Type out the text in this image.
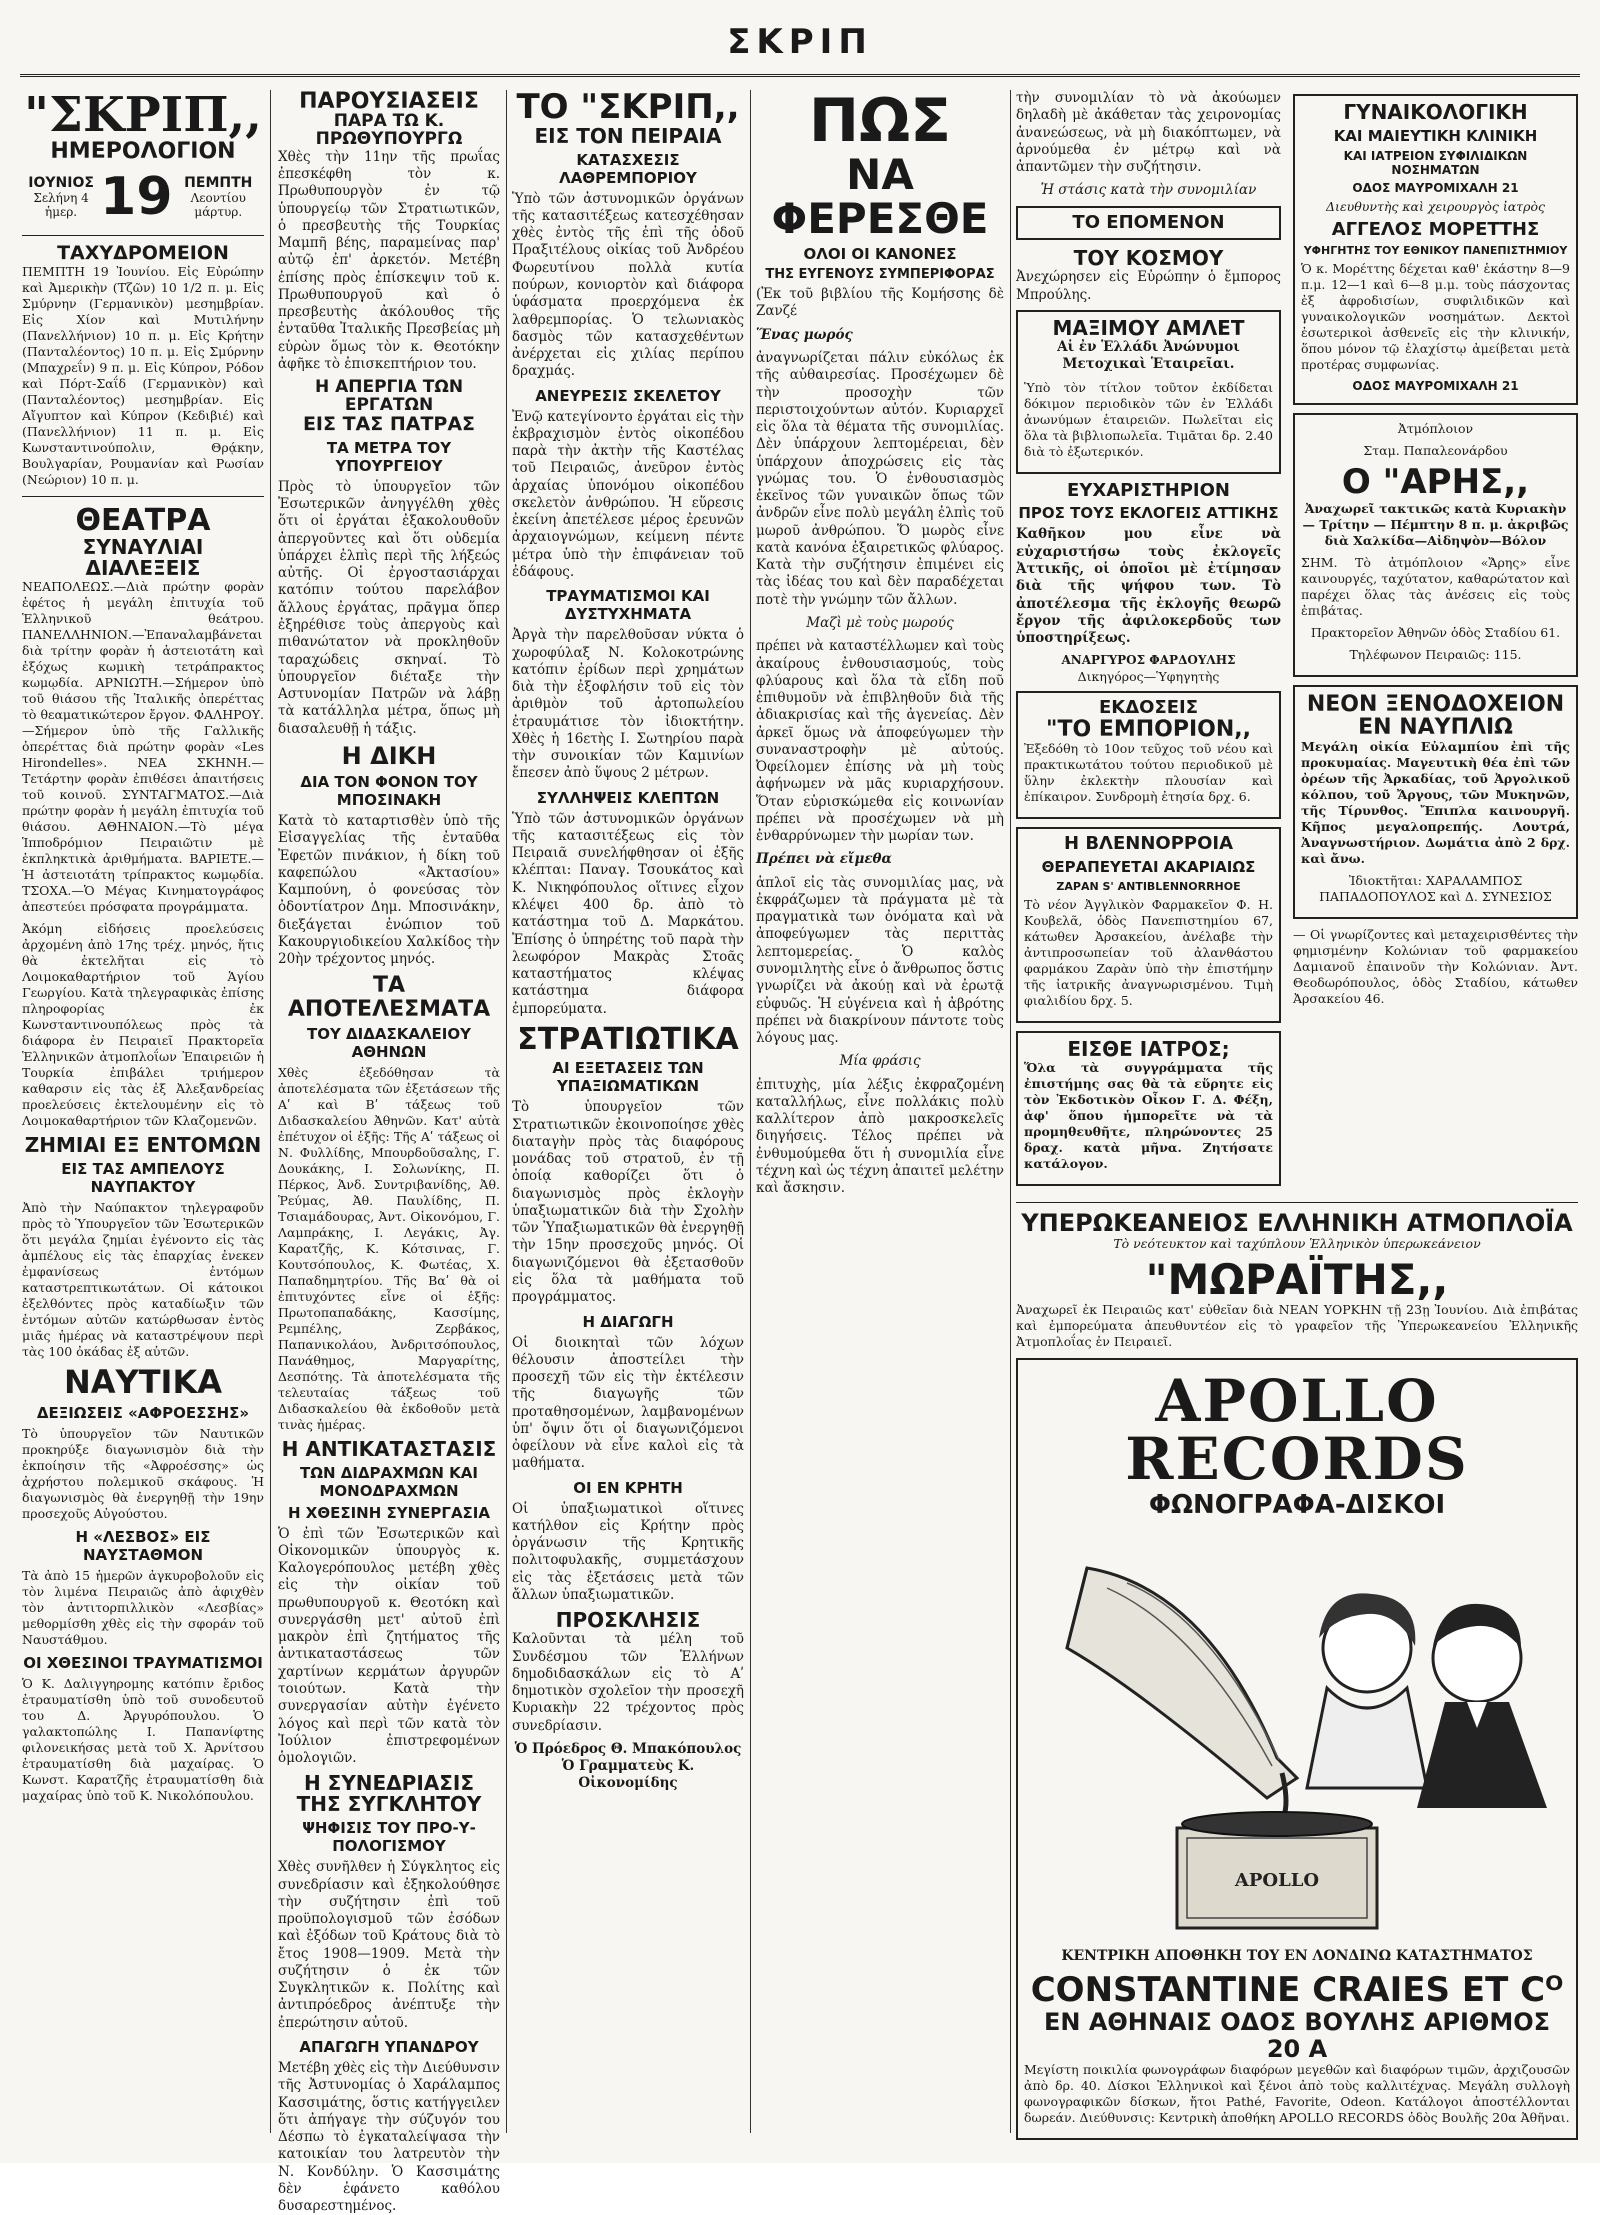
ΣΚΡΙΠ
"ΣΚΡΙΠ,,
ΗΜΕΡΟΛΟΓΙΟΝ
ΙΟΥΝΙΟΣ
Σελήνη 4 ἡμερ. 19 ΠΕΜΠΤΗ
Λεοντίου μάρτυρ.
ΤΑΧΥΔΡΟΜΕΙΟΝ

ΠΕΜΠΤΗ 19 Ἰουνίου. Εἰς Εὐρώπην καὶ Ἀμερικὴν (Τζῶν) 10 1/2 π. μ. Εἰς Σμύρνην (Γερμανικὸν) μεσημβρίαν. Εἰς Χίον καὶ Μυτιλήνην (Πανελλήνιον) 10 π. μ. Εἰς Κρήτην (Πανταλέοντος) 10 π. μ. Εἰς Σμύρνην (Μπαχρεΐν) 9 π. μ. Εἰς Κύπρον, Ρόδον καὶ Πόρτ-Σαΐδ (Γερμανικὸν) καὶ (Πανταλέοντος) μεσημβρίαν. Εἰς Αἴγυπτον καὶ Κύπρον (Κεδιβιέ) καὶ (Πανελλήνιον) 11 π. μ. Εἰς Κωνσταντινούπολιν, Θρᾴκην, Βουλγαρίαν, Ρουμανίαν καὶ Ρωσίαν (Νεώριον) 10 π. μ.

ΘΕΑΤΡΑ
ΣΥΝΑΥΛΙΑΙ ΔΙΑΛΕΞΕΙΣ

ΝΕΑΠΟΛΕΩΣ.—Διὰ πρώτην φορὰν ἐφέτος ἡ μεγάλη ἐπιτυχία τοῦ Ἑλληνικοῦ θεάτρου. ΠΑΝΕΛΛΗΝΙΟΝ.—Ἐπαναλαμβάνεται διὰ τρίτην φορὰν ἡ ἀστειοτάτη καὶ ἐξόχως κωμικὴ τετράπρακτος κωμῳδία. ΑΡΝΙΩΤΗ.—Σήμερον ὑπὸ τοῦ θιάσου τῆς Ἰταλικῆς ὀπερέττας τὸ θεαματικώτερον ἔργον. ΦΑΛΗΡΟΥ.—Σήμερον ὑπὸ τῆς Γαλλικῆς ὀπερέττας διὰ πρώτην φορὰν «Les Hirondelles». ΝΕΑ ΣΚΗΝΗ.—Τετάρτην φορὰν ἐπιθέσει ἀπαιτήσεις τοῦ κοινοῦ. ΣΥΝΤΑΓΜΑΤΟΣ.—Διὰ πρώτην φορὰν ἡ μεγάλη ἐπιτυχία τοῦ θιάσου. ΑΘΗΝΑΙΟΝ.—Τὸ μέγα Ἱπποδρόμιον Πειραιῶτιν μὲ ἐκπληκτικὰ ἀριθμήματα. ΒΑΡΙΕΤΕ.—Ἡ ἀστειοτάτη τρίπρακτος κωμῳδία. ΤΣΟΧΑ.—Ὁ Μέγας Κινηματογράφος ἀπεστεύει πρόσφατα προγράμματα.

Ἀκόμη εἰδήσεις προελεύσεις ἀρχομένη ἀπὸ 17ης τρέχ. μηνός, ἥτις θὰ ἐκτελῆται εἰς τὸ Λοιμοκαθαρτήριον τοῦ Ἁγίου Γεωργίου. Κατὰ τηλεγραφικὰς ἐπίσης πληροφορίας ἐκ Κωνσταντινουπόλεως πρὸς τὰ διάφορα ἐν Πειραιεῖ Πρακτορεῖα Ἑλληνικῶν ἀτμοπλοΐων Ἐπαιρειῶν ἡ Τουρκία ἐπιβάλει τριήμερον καθαρσιν εἰς τὰς ἐξ Ἀλεξανδρείας προελεύσεις ἐκτελουμένην εἰς τὸ Λοιμοκαθαρτήριον τῶν Κλαζομενῶν.

ΖΗΜΙΑΙ ΕΞ ΕΝΤΟΜΩΝ
ΕΙΣ ΤΑΣ ΑΜΠΕΛΟΥΣ ΝΑΥΠΑΚΤΟΥ

Ἀπὸ τὴν Ναύπακτον τηλεγραφοῦν πρὸς τὸ Ὑπουργεῖον τῶν Ἐσωτερικῶν ὅτι μεγάλα ζημίαι ἐγένοντο εἰς τὰς ἀμπέλους εἰς τὰς ἐπαρχίας ἐνεκεν ἐμφανίσεως ἐντόμων καταστρεπτικωτάτων. Οἱ κάτοικοι ἐξελθόντες πρὸς καταδίωξιν τῶν ἐντόμων αὐτῶν κατώρθωσαν ἐντὸς μιᾶς ἡμέρας νὰ καταστρέψουν περὶ τὰς 100 ὀκάδας ἐξ αὐτῶν.

ΝΑΥΤΙΚΑ
ΔΕΞΙΩΣΕΙΣ «ΑΦΡΟΕΣΣΗΣ»

Τὸ ὑπουργεῖον τῶν Ναυτικῶν προκηρύξε διαγωνισμὸν διὰ τὴν ἐκποίησιν τῆς «Ἀφροέσσης» ὡς ἀχρήστου πολεμικοῦ σκάφους. Ἡ διαγωνισμὸς θὰ ἐνεργηθῇ τὴν 19ην προσεχοῦς Αὐγούστου.

Η «ΛΕΣΒΟΣ» ΕΙΣ ΝΑΥΣΤΑΘΜΟΝ

Τὰ ἀπὸ 15 ἡμερῶν ἀγκυροβολοῦν εἰς τὸν λιμένα Πειραιῶς ἀπὸ ἀφιχθὲν τὸν ἀντιτορπιλλικὸν «Λεσβίας» μεθορμίσθη χθὲς εἰς τὴν σφοράν τοῦ Ναυστάθμου.

ΟΙ ΧΘΕΣΙΝΟΙ ΤΡΑΥΜΑΤΙΣΜΟΙ

Ὁ Κ. Δαλιγγηρομης κατόπιν ἔριδος ἐτραυματίσθη ὑπὸ τοῦ συνοδευτοῦ του Δ. Ἀργυρόπουλου. Ὁ γαλακτοπώλης Ι. Παπανίφτης φιλονεικήσας μετὰ τοῦ Χ. Ἀρνίτσου ἐτραυματίσθη διὰ μαχαίρας. Ὁ Κωνστ. Καρατζῆς ἐτραυματίσθη διὰ μαχαίρας ὑπὸ τοῦ Κ. Νικολόπουλου.

ΠΑΡΟΥΣΙΑΣΕΙΣ
ΠΑΡΑ ΤΩ Κ. ΠΡΩΘΥΠΟΥΡΓΩ

Χθὲς τὴν 11ην τῆς πρωΐας ἐπεσκέφθη τὸν κ. Πρωθυπουργὸν ἐν τῷ ὑπουργείῳ τῶν Στρατιωτικῶν, ὁ πρεσβευτὴς τῆς Τουρκίας Μαμπῆ βέης, παραμείνας παρ' αὐτῷ ἐπ' ἀρκετόν. Μετέβη ἐπίσης πρὸς ἐπίσκεψιν τοῦ κ. Πρωθυπουργοῦ καὶ ὁ πρεσβευτὴς ἀκόλουθος τῆς ἐνταῦθα Ἰταλικῆς Πρεσβείας μὴ εὑρὼν ὅμως τὸν κ. Θεοτόκην ἀφῆκε τὸ ἐπισκεπτήριον του.

Η ΑΠΕΡΓΙΑ ΤΩΝ ΕΡΓΑΤΩΝ
ΕΙΣ ΤΑΣ ΠΑΤΡΑΣ
ΤΑ ΜΕΤΡΑ ΤΟΥ ΥΠΟΥΡΓΕΙΟΥ

Πρὸς τὸ ὑπουργεῖον τῶν Ἐσωτερικῶν ἀνηγγέλθη χθὲς ὅτι οἱ ἐργάται ἐξακολουθοῦν ἀπεργοῦντες καὶ ὅτι οὐδεμία ὑπάρχει ἐλπὶς περὶ τῆς λήξεώς αὐτῆς. Οἱ ἐργοστασιάρχαι κατόπιν τούτου παρελάβον ἄλλους ἐργάτας, πρᾶγμα ὅπερ ἐξηρέθισε τοὺς ἀπεργοὺς καὶ πιθανώτατον νὰ προκληθοῦν ταραχώδεις σκηναί. Τὸ ὑπουργεῖον διέταξε τὴν Αστυνομίαν Πατρῶν νὰ λάβῃ τὰ κατάλληλα μέτρα, ὅπως μὴ διασαλευθῇ ἡ τάξις.

Η ΔΙΚΗ
ΔΙΑ ΤΟΝ ΦΟΝΟΝ ΤΟΥ ΜΠΟΣΙΝΑΚΗ

Κατὰ τὸ καταρτισθὲν ὑπὸ τῆς Εἰσαγγελίας τῆς ἐνταῦθα Ἐφετῶν πινάκιον, ἡ δίκη τοῦ καφεπώλου «Ἀκτασίου» Καμπούνη, ὁ φονεύσας τὸν ὀδοντίατρον Δημ. Μποσινάκην, διεξάγεται ἐνώπιον τοῦ Κακουργιοδικείου Χαλκίδος τὴν 20ὴν τρέχοντος μηνός.

ΤΑ ΑΠΟΤΕΛΕΣΜΑΤΑ
ΤΟΥ ΔΙΔΑΣΚΑΛΕΙΟΥ ΑΘΗΝΩΝ

Χθὲς ἐξεδόθησαν τὰ ἀποτελέσματα τῶν ἐξετάσεων τῆς Αʹ καὶ Βʹ τάξεως τοῦ Διδασκαλείου Ἀθηνῶν. Κατ' αὐτὰ ἐπέτυχον οἱ ἑξῆς: Τῆς Αʹ τάξεως οἱ Ν. Φυλλίδης, Μπουρδοῦσαλης, Γ. Δουκάκης, Ι. Σολωνίκης, Π. Πέρκος, Ἀνδ. Συντριβανίδης, Ἀθ. Ῥεύμας, Ἀθ. Παυλίδης, Π. Τσιαμάδουρας, Ἀντ. Οἰκονόμου, Γ. Λαμπράκης, Ι. Λεγάκις, Ἀγ. Καρατζῆς, Κ. Κότσινας, Γ. Κουτσόπουλος, Κ. Φωτέας, Χ. Παπαδημητρίου. Τῆς Βαʹ θὰ οἱ ἐπιτυχόντες εἶνε οἱ ἑξῆς: Πρωτοπαπαδάκης, Κασσίμης, Ρεμπέλης, Ζερβάκος, Παπανικολάου, Ἀνδριτσόπουλος, Πανάθημος, Μαργαρίτης, Δεσπότης. Τὰ ἀποτελέσματα τῆς τελευταίας τάξεως τοῦ Διδασκαλείου θὰ ἐκδοθοῦν μετὰ τινὰς ἡμέρας.

Η ΑΝΤΙΚΑΤΑΣΤΑΣΙΣ
ΤΩΝ ΔΙΔΡΑΧΜΩΝ ΚΑΙ ΜΟΝΟΔΡΑΧΜΩΝ
Η ΧΘΕΣΙΝΗ ΣΥΝΕΡΓΑΣΙΑ

Ὁ ἐπὶ τῶν Ἐσωτερικῶν καὶ Οἰκονομικῶν ὑπουργὸς κ. Καλογερόπουλος μετέβη χθὲς εἰς τὴν οἰκίαν τοῦ πρωθυπουργοῦ κ. Θεοτόκη καὶ συνεργάσθη μετ' αὐτοῦ ἐπὶ μακρὸν ἐπὶ ζητήματος τῆς ἀντικαταστάσεως τῶν χαρτίνων κερμάτων ἀργυρῶν τοιούτων. Κατὰ τὴν συνεργασίαν αὐτὴν ἐγένετο λόγος καὶ περὶ τῶν κατὰ τὸν Ἰούλιον ἐπιστρεφομένων ὁμολογιῶν.

Η ΣΥΝΕΔΡΙΑΣΙΣ
ΤΗΣ ΣΥΓΚΛΗΤΟΥ
ΨΗΦΙΣΙΣ ΤΟΥ ΠΡΟ-Υ-ΠΟΛΟΓΙΣΜΟΥ

Χθὲς συνῆλθεν ἡ Σύγκλητος εἰς συνεδρίασιν καὶ ἐξηκολούθησε τὴν συζήτησιν ἐπὶ τοῦ προϋπολογισμοῦ τῶν ἐσόδων καὶ ἐξόδων τοῦ Κράτους διὰ τὸ ἔτος 1908—1909. Μετὰ τὴν συζήτησιν ὁ ἐκ τῶν Συγκλητικῶν κ. Πολίτης καὶ ἀντιπρόεδρος ἀνέπτυξε τὴν ἐπερώτησιν αὐτοῦ.

ΑΠΑΓΩΓΗ ΥΠΑΝΔΡΟΥ

Μετέβη χθὲς εἰς τὴν Διεύθυνσιν τῆς Ἀστυνομίας ὁ Χαράλαμπος Κασσιμάτης, ὅστις κατήγγειλεν ὅτι ἀπήγαγε τὴν σύζυγόν του Δέσπω τὸ ἐγκαταλείψασα τὴν κατοικίαν του λατρευτὸν τὴν Ν. Κονδύλην. Ὁ Κασσιμάτης δὲν ἐφάνετο καθόλου δυσαρεστημένος.

ΤΟ "ΣΚΡΙΠ,,
ΕΙΣ ΤΟΝ ΠΕΙΡΑΙΑ
ΚΑΤΑΣΧΕΣΙΣ ΛΑΘΡΕΜΠΟΡΙΟΥ

Ὑπὸ τῶν ἀστυνομικῶν ὀργάνων τῆς κατασιτέξεως κατεσχέθησαν χθὲς ἐντὸς τῆς ἐπὶ τῆς ὁδοῦ Πραξιτέλους οἰκίας τοῦ Ἀνδρέου Φωρευτίνου πολλὰ κυτία πούρων, κονιορτὸν καὶ διάφορα ὑφάσματα προερχόμενα ἐκ λαθρεμπορίας. Ὁ τελωνιακὸς δασμὸς τῶν κατασχεθέντων ἀνέρχεται εἰς χιλίας περίπου δραχμάς.

ΑΝΕΥΡΕΣΙΣ ΣΚΕΛΕΤΟΥ

Ἐνῷ κατεγίνοντο ἐργάται εἰς τὴν ἐκβραχισμὸν ἐντὸς οἰκοπέδου παρὰ τὴν ἀκτὴν τῆς Καστέλας τοῦ Πειραιῶς, ἀνεῦρον ἐντὸς ἀρχαίας ὑπονόμου οἰκοπέδου σκελετὸν ἀνθρώπου. Ἡ εὕρεσις ἐκείνη ἀπετέλεσε μέρος ἐρευνῶν ἀρχαιογνώμων, κείμενη πέντε μέτρα ὑπὸ τὴν ἐπιφάνειαν τοῦ ἐδάφους.

ΤΡΑΥΜΑΤΙΣΜΟΙ ΚΑΙ ΔΥΣΤΥΧΗΜΑΤΑ

Ἀργὰ τὴν παρελθοῦσαν νύκτα ὁ χωροφύλαξ Ν. Κολοκοτρώνης κατόπιν ἐρίδων περὶ χρημάτων διὰ τὴν ἐξοφλήσιν τοῦ εἰς τὸν ἀριθμὸν τοῦ ἀρτοπωλείου ἐτραυμάτισε τὸν ἰδιοκτήτην. Χθὲς ἡ 16ετὴς Ι. Σωτηρίου παρὰ τὴν συνοικίαν τῶν Καμινίων ἔπεσεν ἀπὸ ὕψους 2 μέτρων.

ΣΥΛΛΗΨΕΙΣ ΚΛΕΠΤΩΝ

Ὑπὸ τῶν ἀστυνομικῶν ὀργάνων τῆς κατασιτέξεως εἰς τὸν Πειραιᾶ συνελήφθησαν οἱ ἐξῆς κλέπται: Παναγ. Τσουκάτος καὶ Κ. Νικηφόπουλος οἵτινες εἶχον κλέψει 400 δρ. ἀπὸ τὸ κατάστημα τοῦ Δ. Μαρκάτου. Ἐπίσης ὁ ὑπηρέτης τοῦ παρὰ τὴν λεωφόρον Μακρὰς Στοᾶς καταστήματος κλέψας κατάστημα διάφορα ἐμπορεύματα.

ΣΤΡΑΤΙΩΤΙΚΑ
ΑΙ ΕΞΕΤΑΣΕΙΣ ΤΩΝ ΥΠΑΞΙΩΜΑΤΙΚΩΝ

Τὸ ὑπουργεῖον τῶν Στρατιωτικῶν ἐκοινοποίησε χθὲς διαταγὴν πρὸς τὰς διαφόρους μονάδας τοῦ στρατοῦ, ἐν τῇ ὁποίᾳ καθορίζει ὅτι ὁ διαγωνισμὸς πρὸς ἐκλογὴν ὑπαξιωματικῶν διὰ τὴν Σχολὴν τῶν Ὑπαξιωματικῶν θὰ ἐνεργηθῇ τὴν 15ην προσεχοῦς μηνός. Οἱ διαγωνιζόμενοι θὰ ἐξετασθοῦν εἰς ὅλα τὰ μαθήματα τοῦ προγράμματος.

Η ΔΙΑΓΩΓΗ

Οἱ διοικηταὶ τῶν λόχων θέλουσιν ἀποστείλει τὴν προσεχῆ τῶν εἰς τὴν ἐκτέλεσιν τῆς διαγωγῆς τῶν προταθησομένων, λαμβανομένων ὑπ' ὄψιν ὅτι οἱ διαγωνιζόμενοι ὀφείλουν νὰ εἶνε καλοὶ εἰς τὰ μαθήματα.

ΟΙ ΕΝ ΚΡΗΤΗ

Οἱ ὑπαξιωματικοὶ οἵτινες κατήλθον εἰς Κρήτην πρὸς ὀργάνωσιν τῆς Κρητικῆς πολιτοφυλακῆς, συμμετάσχουν εἰς τὰς ἐξετάσεις μετὰ τῶν ἄλλων ὑπαξιωματικῶν.

ΠΡΟΣΚΛΗΣΙΣ

Καλοῦνται τὰ μέλη τοῦ Συνδέσμου τῶν Ἑλλήνων δημοδιδασκάλων εἰς τὸ Αʹ δημοτικὸν σχολεῖον τὴν προσεχῆ Κυριακὴν 22 τρέχοντος πρὸς συνεδρίασιν.

Ὁ Πρόεδρος Θ. Μπακόπουλος Ὁ Γραμματεὺς Κ. Οἰκονομίδης

ΠΩΣ
ΝΑ ΦΕΡΕΣΘΕ
ΟΛΟΙ ΟΙ ΚΑΝΟΝΕΣ
ΤΗΣ ΕΥΓΕΝΟΥΣ ΣΥΜΠΕΡΙΦΟΡΑΣ

(Ἐκ τοῦ βιβλίου τῆς Κομήσσης δὲ Ζανζέ

Ἕνας μωρός

ἀναγνωρίζεται πάλιν εὐκόλως ἐκ τῆς αὐθαιρεσίας. Προσέχωμεν δὲ τὴν προσοχὴν τῶν περιστοιχούντων αὐτόν. Κυριαρχεῖ εἰς ὅλα τὰ θέματα τῆς συνομιλίας. Δὲν ὑπάρχουν λεπτομέρειαι, δὲν ὑπάρχουν ἀποχρώσεις εἰς τὰς γνώμας του. Ὁ ἐνθουσιασμὸς ἐκεῖνος τῶν γυναικῶν ὅπως τῶν ἀνδρῶν εἶνε πολὺ μεγάλη ἐλπὶς τοῦ μωροῦ ἀνθρώπου. Ὅ μωρὸς εἶνε κατὰ κανόνα ἐξαιρετικῶς φλύαρος. Κατὰ τὴν συζήτησιν ἐπιμένει εἰς τὰς ἰδέας του καὶ δὲν παραδέχεται ποτὲ τὴν γνώμην τῶν ἄλλων.

Μαζὶ μὲ τοὺς μωρούς

πρέπει νὰ καταστέλλωμεν καὶ τοὺς ἀκαίρους ἐνθουσιασμούς, τοὺς φλύαρους καὶ ὅλα τὰ εἴδη ποῦ ἐπιθυμοῦν νὰ ἐπιβληθοῦν διὰ τῆς ἀδιακρισίας καὶ τῆς ἀγενείας. Δὲν ἀρκεῖ ὅμως νὰ ἀποφεύγωμεν τὴν συναναστροφὴν μὲ αὐτούς. Ὀφείλομεν ἐπίσης νὰ μὴ τοὺς ἀφήνωμεν νὰ μᾶς κυριαρχήσουν. Ὅταν εὑρισκώμεθα εἰς κοινωνίαν πρέπει νὰ προσέχωμεν νὰ μὴ ἐνθαρρύνωμεν τὴν μωρίαν των.

Πρέπει νὰ εἴμεθα

ἁπλοῖ εἰς τὰς συνομιλίας μας, νὰ ἐκφράζωμεν τὰ πράγματα μὲ τὰ πραγματικὰ των ὀνόματα καὶ νὰ ἀποφεύγωμεν τὰς περιττὰς λεπτομερείας. Ὁ καλὸς συνομιλητὴς εἶνε ὁ ἄνθρωπος ὅστις γνωρίζει νὰ ἀκούῃ καὶ νὰ ἐρωτᾷ εὐφυῶς. Ἡ εὐγένεια καὶ ἡ ἀβρότης πρέπει νὰ διακρίνουν πάντοτε τοὺς λόγους μας.

Μία φράσις

ἐπιτυχὴς, μία λέξις ἐκφραζομένη καταλλήλως, εἶνε πολλάκις πολὺ καλλίτερον ἀπὸ μακροσκελεῖς διηγήσεις. Τέλος πρέπει νὰ ἐνθυμούμεθα ὅτι ἡ συνομιλία εἶνε τέχνη καὶ ὡς τέχνη ἀπαιτεῖ μελέτην καὶ ἄσκησιν.

τὴν συνομιλίαν τὸ νὰ ἀκούωμεν δηλαδὴ μὲ ἀκάθεταν τὰς χειρονομίας ἀνανεώσεως, νὰ μὴ διακόπτωμεν, νὰ ἀρνούμεθα ἐν μέτρῳ καὶ νὰ ἀπαντῶμεν τὴν συζήτησιν.

Ἡ στάσις κατὰ τὴν συνομιλίαν

ΤΟ ΕΠΟΜΕΝΟΝ
ΤΟΥ ΚΟΣΜΟΥ

Ἀνεχώρησεν εἰς Εὐρώπην ὁ ἔμπορος Μπρούλης.

ΜΑΞΙΜΟΥ ΑΜΛΕΤ

Αἱ ἐν Ἑλλάδι Ἀνώνυμοι Μετοχικαὶ Ἑταιρεῖαι.

Ὑπὸ τὸν τίτλον τοῦτον ἐκδίδεται δόκιμον περιοδικὸν τῶν ἐν Ἑλλάδι ἀνωνύμων ἑταιρειῶν. Πωλεῖται εἰς ὅλα τὰ βιβλιοπωλεῖα. Τιμᾶται δρ. 2.40 διὰ τὸ ἐξωτερικόν.

ΕΥΧΑΡΙΣΤΗΡΙΟΝ
ΠΡΟΣ ΤΟΥΣ ΕΚΛΟΓΕΙΣ ΑΤΤΙΚΗΣ

Καθῆκον μου εἶνε νὰ εὐχαριστήσω τοὺς ἐκλογεῖς Ἀττικῆς, οἱ ὁποῖοι μὲ ἐτίμησαν διὰ τῆς ψήφου των. Τὸ ἀποτέλεσμα τῆς ἐκλογῆς θεωρῶ ἔργον τῆς ἀφιλοκερδοῦς των ὑποστηρίξεως.

ΑΝΑΡΓΥΡΟΣ ΦΑΡΔΟΥΛΗΣ

Δικηγόρος—Ὑφηγητὴς

ΕΚΔΟΣΕΙΣ
"ΤΟ ΕΜΠΟΡΙΟΝ,,

Ἐξεδόθη τὸ 10ον τεῦχος τοῦ νέου καὶ πρακτικωτάτου τούτου περιοδικοῦ μὲ ὕλην ἐκλεκτὴν πλουσίαν καὶ ἐπίκαιρον. Συνδρομὴ ἐτησία δρχ. 6.

Η ΒΛΕΝΝΟΡΡΟΙΑ
ΘΕΡΑΠΕΥΕΤΑΙ ΑΚΑΡΙΑΙΩΣ
ΖΑΡΑΝ S' ANTIBLENNORRHOE

Τὸ νέον Ἀγγλικὸν Φαρμακεῖον Φ. Η. Κουβελᾶ, ὁδὸς Πανεπιστημίου 67, κάτωθεν Ἀρσακείου, ἀνέλαβε τὴν ἀντιπροσωπείαν τοῦ ἀλανθάστου φαρμάκου Ζαρὰν ὑπὸ τὴν ἐπιστήμην τῆς ἰατρικῆς ἀναγνωρισμένου. Τιμὴ φιαλιδίου δρχ. 5.

ΕΙΣΘΕ ΙΑΤΡΟΣ;

Ὅλα τὰ συγγράμματα τῆς ἐπιστήμης σας θὰ τὰ εὕρητε εἰς τὸν Ἐκδοτικὸν Οἶκον Γ. Δ. Φέξη, ἀφ' ὅπου ἡμπορεῖτε νὰ τὰ προμηθευθῆτε, πληρώνοντες 25 δραχ. κατὰ μῆνα. Ζητήσατε κατάλογον.

ΓΥΝΑΙΚΟΛΟΓΙΚΗ
ΚΑΙ ΜΑΙΕΥΤΙΚΗ ΚΛΙΝΙΚΗ
ΚΑΙ ΙΑΤΡΕΙΟΝ ΣΥΦΙΛΙΔΙΚΩΝ ΝΟΣΗΜΑΤΩΝ
ΟΔΟΣ ΜΑΥΡΟΜΙΧΑΛΗ 21

Διευθυντὴς καὶ χειρουργὸς ἰατρὸς

ΑΓΓΕΛΟΣ ΜΟΡΕΤΤΗΣ
ΥΦΗΓΗΤΗΣ ΤΟΥ ΕΘΝΙΚΟΥ ΠΑΝΕΠΙΣΤΗΜΙΟΥ

Ὁ κ. Μορέττης δέχεται καθ' ἑκάστην 8—9 π.μ. 12—1 καὶ 6—8 μ.μ. τοὺς πάσχοντας ἐξ ἀφροδισίων, συφιλιδικῶν καὶ γυναικολογικῶν νοσημάτων. Δεκτοὶ ἐσωτερικοὶ ἀσθενεῖς εἰς τὴν κλινικήν, ὅπου μόνον τῷ ἐλαχίστῳ ἀμείβεται μετὰ προτέρας συμφωνίας.

ΟΔΟΣ ΜΑΥΡΟΜΙΧΑΛΗ 21

Ἀτμόπλοιον

Σταμ. Παπαλεονάρδου

Ο "ΑΡΗΣ,,

Ἀναχωρεῖ τακτικῶς κατὰ Κυριακὴν — Τρίτην — Πέμπτην 8 π. μ. ἀκριβῶς διὰ Χαλκίδα—Αἰδηψὸν—Βόλον

ΣΗΜ. Τὸ ἀτμόπλοιον «Ἄρης» εἶνε καινουργές, ταχύτατον, καθαρώτατον καὶ παρέχει ὅλας τὰς ἀνέσεις εἰς τοὺς ἐπιβάτας.

Πρακτορεῖον Ἀθηνῶν ὁδὸς Σταδίου 61.

Τηλέφωνον Πειραιῶς: 115.

ΝΕΟΝ ΞΕΝΟΔΟΧΕΙΟΝ
ΕΝ ΝΑΥΠΛΙΩ

Μεγάλη οἰκία Εὐλαμπίου ἐπὶ τῆς προκυμαίας. Μαγευτικὴ θέα ἐπὶ τῶν ὀρέων τῆς Ἀρκαδίας, τοῦ Ἀργολικοῦ κόλπου, τοῦ Ἄργους, τῶν Μυκηνῶν, τῆς Τίρυνθος. Ἔπιπλα καινουργῆ. Κῆπος μεγαλοπρεπής. Λουτρά, Ἀναγνωστήριον. Δωμάτια ἀπὸ 2 δρχ. καὶ ἄνω.

Ἰδιοκτῆται: ΧΑΡΑΛΑΜΠΟΣ ΠΑΠΑΔΟΠΟΥΛΟΣ καὶ Δ. ΣΥΝΕΣΙΟΣ

— Οἱ γνωρίζοντες καὶ μεταχειρισθέντες τὴν φημισμένην Κολώνιαν τοῦ φαρμακείου Δαμιανοῦ ἐπαινοῦν τὴν Κολώνιαν. Ἀντ. Θεοδωρόπουλος, ὁδὸς Σταδίου, κάτωθεν Ἀρσακείου 46.

ΥΠΕΡΩΚΕΑΝΕΙΟΣ ΕΛΛΗΝΙΚΗ ΑΤΜΟΠΛΟΪΑ

Τὸ νεότευκτον καὶ ταχύπλουν Ἑλληνικὸν ὑπερωκεάνειον

"ΜΩΡΑΪΤΗΣ,,

Ἀναχωρεῖ ἐκ Πειραιῶς κατ' εὐθεῖαν διὰ ΝΕΑΝ ΥΟΡΚΗΝ τῇ 23ῃ Ἰουνίου. Διὰ ἐπιβάτας καὶ ἐμπορεύματα ἀπευθυντέον εἰς τὸ γραφεῖον τῆς Ὑπερωκεανείου Ἑλληνικῆς Ἀτμοπλοΐας ἐν Πειραιεῖ.

APOLLO RECORDS
ΦΩΝΟΓΡΑΦΑ-ΔΙΣΚΟΙ
APOLLO

ΚΕΝΤΡΙΚΗ ΑΠΟΘΗΚΗ ΤΟΥ ΕΝ ΛΟΝΔΙΝΩ ΚΑΤΑΣΤΗΜΑΤΟΣ

CONSTANTINE CRAIES ET Cᴼ
ΕΝ ΑΘΗΝΑΙΣ ΟΔΟΣ ΒΟΥΛΗΣ ΑΡΙΘΜΟΣ 20 Α

Μεγίστη ποικιλία φωνογράφων διαφόρων μεγεθῶν καὶ διαφόρων τιμῶν, ἀρχιζουσῶν ἀπὸ δρ. 40. Δίσκοι Ἑλληνικοὶ καὶ ξένοι ἀπὸ τοὺς καλλιτέχνας. Μεγάλη συλλογὴ φωνογραφικῶν δίσκων, ἤτοι Pathé, Favorite, Odeon. Κατάλογοι ἀποστέλλονται δωρεάν. Διεύθυνσις: Κεντρικὴ ἀποθήκη APOLLO RECORDS ὁδὸς Βουλῆς 20α Ἀθῆναι.
